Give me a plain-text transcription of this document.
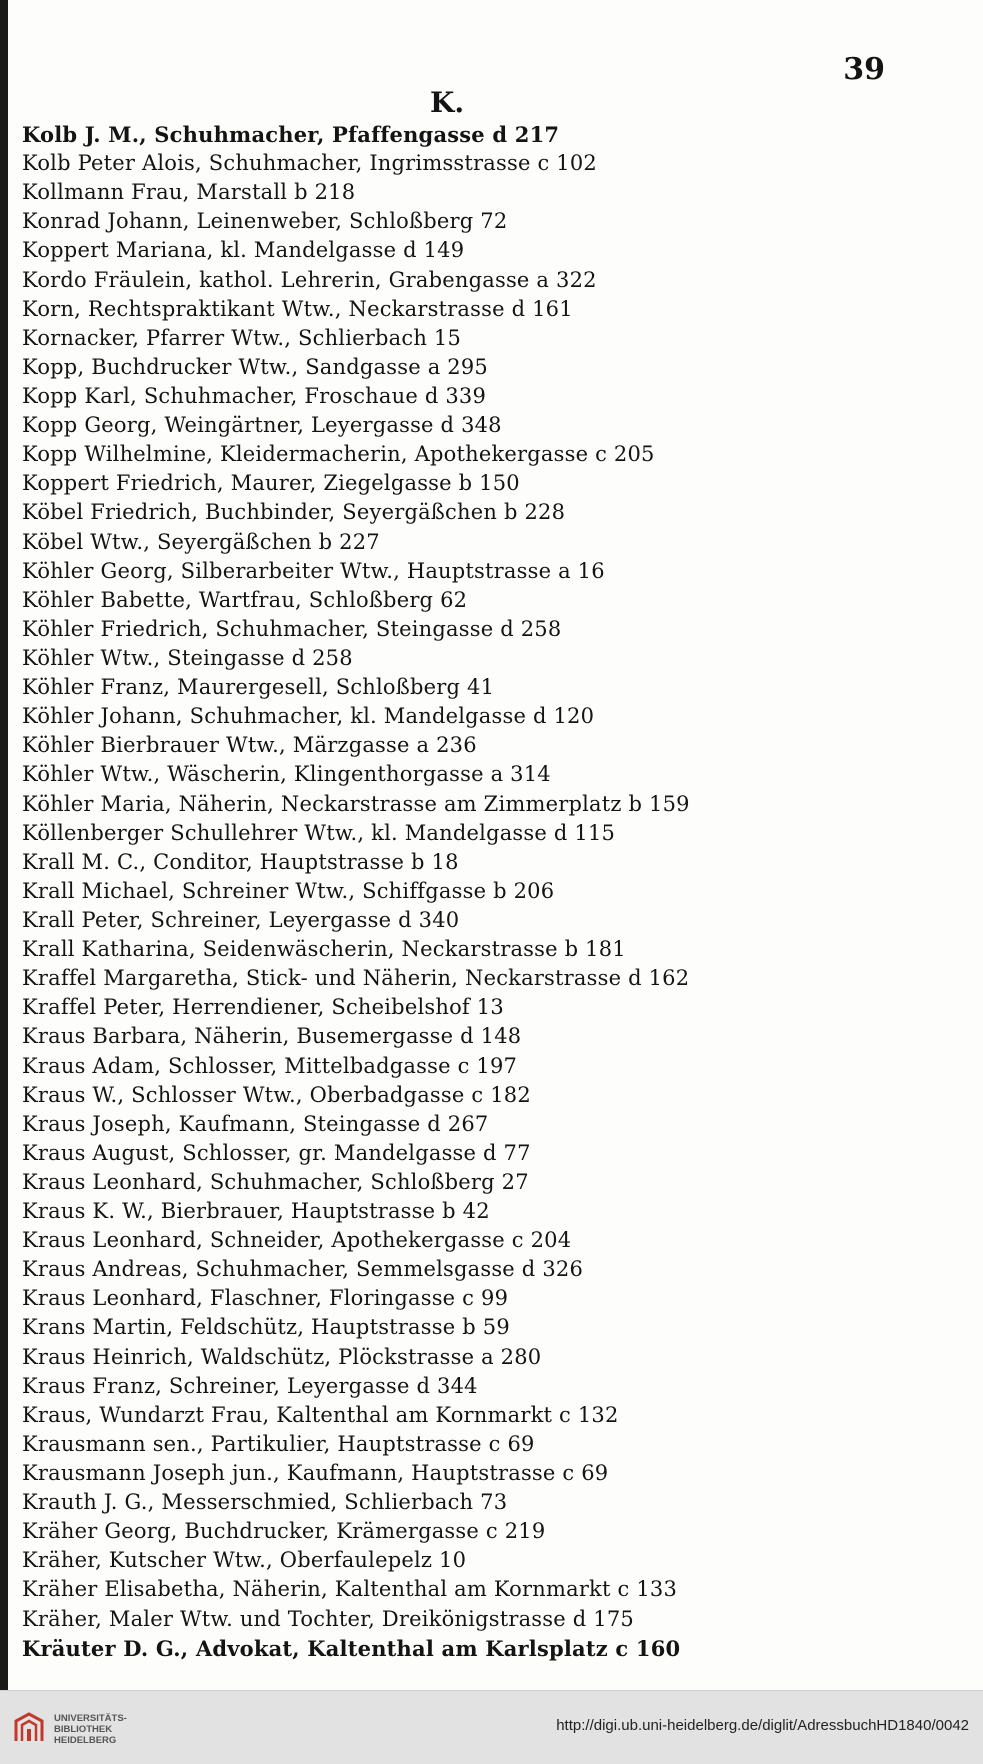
39
K.
Kolb J. M., Schuhmacher, Pfaffengasse d 217
Kolb Peter Alois, Schuhmacher, Ingrimsstrasse c 102
Kollmann Frau, Marstall b 218
Konrad Johann, Leinenweber, Schloßberg 72
Koppert Mariana, kl. Mandelgasse d 149
Kordo Fräulein, kathol. Lehrerin, Grabengasse a 322
Korn, Rechtspraktikant Wtw., Neckarstrasse d 161
Kornacker, Pfarrer Wtw., Schlierbach 15
Kopp, Buchdrucker Wtw., Sandgasse a 295
Kopp Karl, Schuhmacher, Froschaue d 339
Kopp Georg, Weingärtner, Leyergasse d 348
Kopp Wilhelmine, Kleidermacherin, Apothekergasse c 205
Koppert Friedrich, Maurer, Ziegelgasse b 150
Köbel Friedrich, Buchbinder, Seyergäßchen b 228
Köbel Wtw., Seyergäßchen b 227
Köhler Georg, Silberarbeiter Wtw., Hauptstrasse a 16
Köhler Babette, Wartfrau, Schloßberg 62
Köhler Friedrich, Schuhmacher, Steingasse d 258
Köhler Wtw., Steingasse d 258
Köhler Franz, Maurergesell, Schloßberg 41
Köhler Johann, Schuhmacher, kl. Mandelgasse d 120
Köhler Bierbrauer Wtw., Märzgasse a 236
Köhler Wtw., Wäscherin, Klingenthorgasse a 314
Köhler Maria, Näherin, Neckarstrasse am Zimmerplatz b 159
Köllenberger Schullehrer Wtw., kl. Mandelgasse d 115
Krall M. C., Conditor, Hauptstrasse b 18
Krall Michael, Schreiner Wtw., Schiffgasse b 206
Krall Peter, Schreiner, Leyergasse d 340
Krall Katharina, Seidenwäscherin, Neckarstrasse b 181
Kraffel Margaretha, Stick- und Näherin, Neckarstrasse d 162
Kraffel Peter, Herrendiener, Scheibelshof 13
Kraus Barbara, Näherin, Busemergasse d 148
Kraus Adam, Schlosser, Mittelbadgasse c 197
Kraus W., Schlosser Wtw., Oberbadgasse c 182
Kraus Joseph, Kaufmann, Steingasse d 267
Kraus August, Schlosser, gr. Mandelgasse d 77
Kraus Leonhard, Schuhmacher, Schloßberg 27
Kraus K. W., Bierbrauer, Hauptstrasse b 42
Kraus Leonhard, Schneider, Apothekergasse c 204
Kraus Andreas, Schuhmacher, Semmelsgasse d 326
Kraus Leonhard, Flaschner, Floringasse c 99
Krans Martin, Feldschütz, Hauptstrasse b 59
Kraus Heinrich, Waldschütz, Plöckstrasse a 280
Kraus Franz, Schreiner, Leyergasse d 344
Kraus, Wundarzt Frau, Kaltenthal am Kornmarkt c 132
Krausmann sen., Partikulier, Hauptstrasse c 69
Krausmann Joseph jun., Kaufmann, Hauptstrasse c 69
Krauth J. G., Messerschmied, Schlierbach 73
Kräher Georg, Buchdrucker, Krämergasse c 219
Kräher, Kutscher Wtw., Oberfaulepelz 10
Kräher Elisabetha, Näherin, Kaltenthal am Kornmarkt c 133
Kräher, Maler Wtw. und Tochter, Dreikönigstrasse d 175
Kräuter D. G., Advokat, Kaltenthal am Karlsplatz c 160
UNIVERSITÄTS-
BIBLIOTHEK
HEIDELBERG
http://digi.ub.uni-heidelberg.de/diglit/AdressbuchHD1840/0042
